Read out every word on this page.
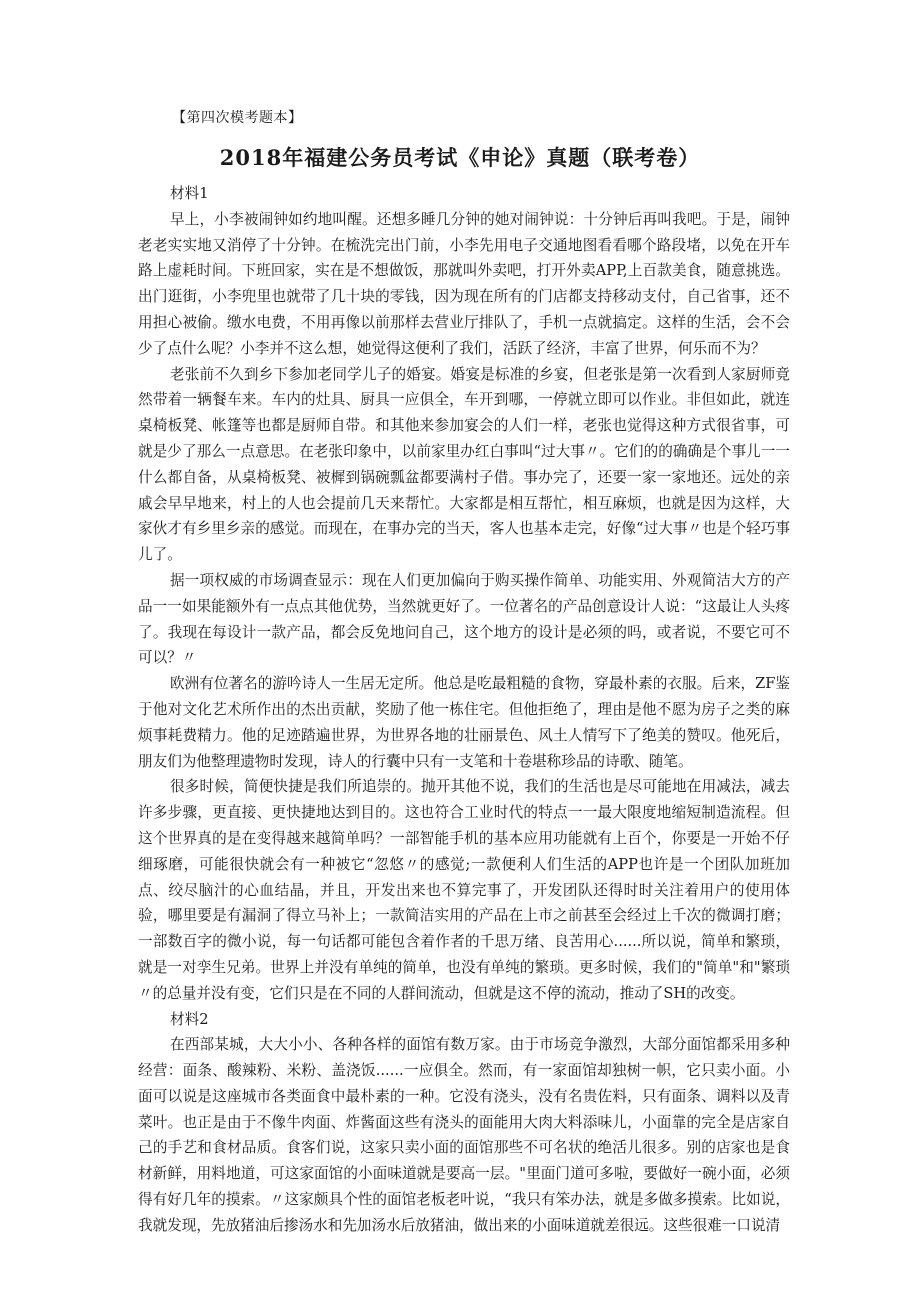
【第四次模考题本】
2018年福建公务员考试《申论》真题（联考卷）

材料1

早上，小李被闹钟如约地叫醒。还想多睡几分钟的她对闹钟说：十分钟后再叫我吧。于是，闹钟老老实实地又消停了十分钟。在梳洗完出门前，小李先用电子交通地图看看哪个路段堵，以免在开车路上虚耗时间。下班回家，实在是不想做饭，那就叫外卖吧，打开外卖APP,上百款美食，随意挑选。出门逛街，小李兜里也就带了几十块的零钱，因为现在所有的门店都支持移动支付，自己省事，还不用担心被偷。缴水电费，不用再像以前那样去营业厅排队了，手机一点就搞定。这样的生活，会不会少了点什么呢？小李并不这么想，她觉得这便利了我们，活跃了经济，丰富了世界，何乐而不为？

老张前不久到乡下参加老同学儿子的婚宴。婚宴是标准的乡宴，但老张是第一次看到人家厨师竟然带着一辆餐车来。车内的灶具、厨具一应俱全，车开到哪，一停就立即可以作业。非但如此，就连桌椅板凳、帐篷等也都是厨师自带。和其他来参加宴会的人们一样，老张也觉得这种方式很省事，可就是少了那么一点意思。在老张印象中，以前家里办红白事叫“过大事〃。它们的的确确是个事儿一一什么都自备，从桌椅板凳、被樨到锅碗瓢盆都要满村子借。事办完了，还要一家一家地还。远处的亲戚会早早地来，村上的人也会提前几天来帮忙。大家都是相互帮忙，相互麻烦，也就是因为这样，大家伙才有乡里乡亲的感觉。而现在，在事办完的当天，客人也基本走完，好像“过大事〃也是个轻巧事儿了。

据一项权威的市场调查显示：现在人们更加偏向于购买操作简单、功能实用、外观简洁大方的产品一一如果能额外有一点点其他优势，当然就更好了。一位著名的产品创意设计人说：“这最让人头疼了。我现在每设计一款产品，都会反免地问自己，这个地方的设计是必须的吗，或者说，不要它可不可以？〃

欧洲有位著名的游吟诗人一生居无定所。他总是吃最粗糙的食物，穿最朴素的衣服。后来，ZF鉴于他对文化艺术所作出的杰出贡献，奖励了他一栋住宅。但他拒绝了，理由是他不愿为房子之类的麻烦事耗费精力。他的足迹踏遍世界，为世界各地的壮丽景色、风土人情写下了绝美的赞叹。他死后，朋友们为他整理遗物时发现，诗人的行囊中只有一支笔和十卷堪称珍品的诗歌、随笔。

很多时候，简便快捷是我们所追崇的。抛开其他不说，我们的生活也是尽可能地在用减法，减去许多步骤，更直接、更快捷地达到目的。这也符合工业时代的特点一一最大限度地缩短制造流程。但这个世界真的是在变得越来越简单吗？一部智能手机的基本应用功能就有上百个，你要是一开始不仔细琢磨，可能很快就会有一种被它“忽悠〃的感觉;一款便利人们生活的APP也许是一个团队加班加点、绞尽脑汁的心血结晶，并且，开发出来也不算完事了，开发团队还得时时关注着用户的使用体验，哪里要是有漏洞了得立马补上；一款简洁实用的产品在上市之前甚至会经过上千次的微调打磨；一部数百字的微小说，每一句话都可能包含着作者的千思万绪、良苦用心......所以说，简单和繁琐，就是一对孪生兄弟。世界上并没有单纯的简单，也没有单纯的繁琐。更多时候，我们的"简单"和"繁琐〃的总量并没有变，它们只是在不同的人群间流动，但就是这不停的流动，推动了SH的改变。

材料2

在西部某城，大大小小、各种各样的面馆有数万家。由于市场竞争激烈，大部分面馆都采用多种经营：面条、酸辣粉、米粉、盖浇饭......一应俱全。然而，有一家面馆却独树一帜，它只卖小面。小面可以说是这座城市各类面食中最朴素的一种。它没有浇头，没有名贵佐料，只有面条、调料以及青菜叶。也正是由于不像牛肉面、炸酱面这些有浇头的面能用大肉大料添味儿，小面靠的完全是店家自己的手艺和食材品质。食客们说，这家只卖小面的面馆那些不可名状的绝活儿很多。别的店家也是食材新鲜，用料地道，可这家面馆的小面味道就是要高一层。"里面门道可多啦，要做好一碗小面，必须得有好几年的摸索。〃这家颇具个性的面馆老板老叶说，“我只有笨办法，就是多做多摸索。比如说，我就发现，先放猪油后掺汤水和先加汤水后放猪油，做出来的小面味道就差很远。这些很难一口说清
